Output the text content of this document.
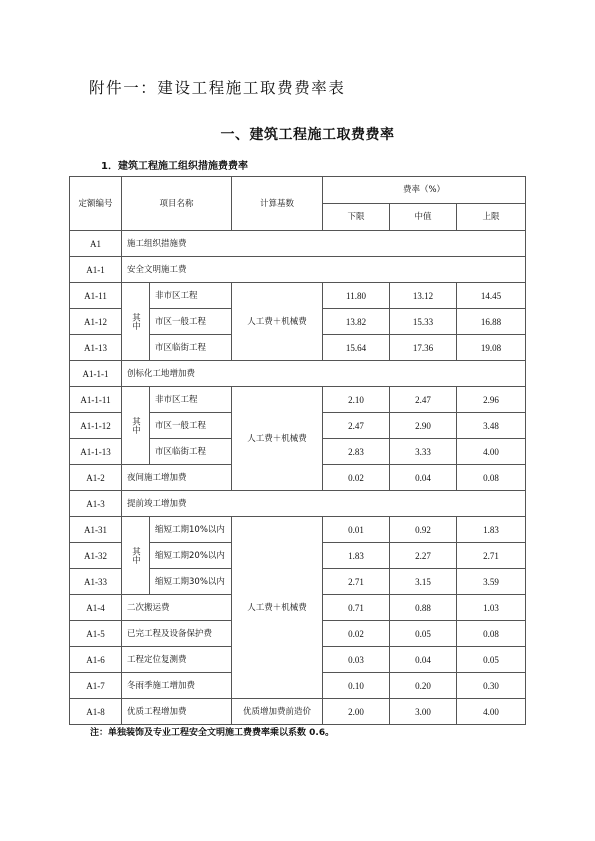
附件一：建设工程施工取费费率表
一、建筑工程施工取费费率
1．建筑工程施工组织措施费费率
定额编号	项目名称		计算基数	费率（%）		
				下限	中值	上限
A1	施工组织措施费					
A1-1	安全文明施工费					
A1-11	其中	非市区工程	人工费＋机械费	11.80	13.12	14.45
A1-12		市区一般工程		13.82	15.33	16.88
A1-13		市区临街工程		15.64	17.36	19.08
A1-1-1	创标化工地增加费					
A1-1-11	其中	非市区工程	人工费＋机械费	2.10	2.47	2.96
A1-1-12		市区一般工程		2.47	2.90	3.48
A1-1-13		市区临街工程		2.83	3.33	4.00
A1-2	夜间施工增加费			0.02	0.04	0.08
A1-3	提前竣工增加费					
A1-31	其中	缩短工期10%以内	人工费＋机械费	0.01	0.92	1.83
A1-32		缩短工期20%以内		1.83	2.27	2.71
A1-33		缩短工期30%以内		2.71	3.15	3.59
A1-4	二次搬运费			0.71	0.88	1.03
A1-5	已完工程及设备保护费			0.02	0.05	0.08
A1-6	工程定位复测费			0.03	0.04	0.05
A1-7	冬雨季施工增加费			0.10	0.20	0.30
A1-8	优质工程增加费		优质增加费前造价	2.00	3.00	4.00
注：单独装饰及专业工程安全文明施工费费率乘以系数 0.6。
